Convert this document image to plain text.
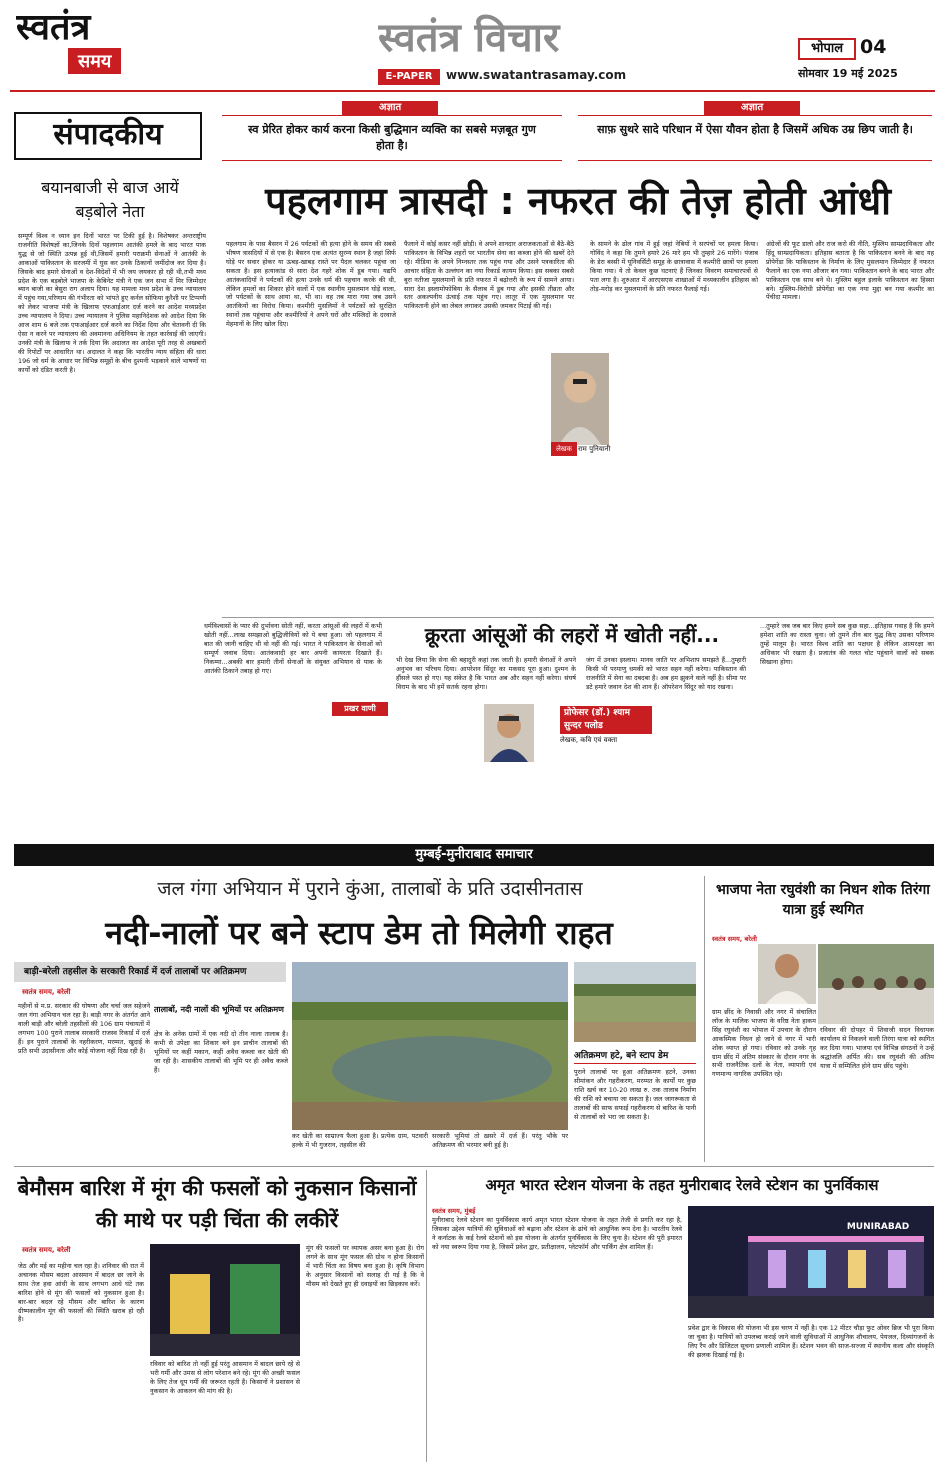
स्वतंत्र
समय
स्वतंत्र विचार
E-PAPER	www.swatantrasamay.com
भोपाल 04
सोमवार 19 मई 2025
संपादकीय
बयानबाजी से बाज आयें बड़बोले नेता
सम्पूर्ण विश्व न ध्यान इन दिनों भारत पर टिकी हुई है। विशेषकर अन्तराष्ट्रीय राजनीति विशेषज्ञों का,जिनके दिनों पहलगाम आतंकी हमले के बाद भारत पाक युद्ध से जो स्थिति उत्पन्न हुई थी,जिसमें हमारी पराक्रमी सेनाओं ने आतंकी के आकाओं पाकिस्तान के सरजमीं में घुस कर उनके ठिकानों जमींदोज कर दिया है।जिसके बाद हमारे सेनाओं व देश-विदेशों में भी जय जयकार हो रही थी,तभी मध्य प्रदेश के एक बड़बोले भाजपा के केबिनेट मंत्री ने एक जन सभा में मिर जिम्मेदार ब्यान बाजी का बेसुरा राग अलाप दिया। यह मामला मध्य प्रदेश के उच्च न्यायालय में पहुंच गया,परिणाम की गंभीरता को भांपते हुए कर्नल सोफिया कुरैशी पर टिप्पणी को लेकर भाजपा मंत्री के खिलाफ एफआईआर दर्ज करने का आदेश मध्यप्रदेश उच्च न्यायालय ने दिया। उच्च न्यायालय ने पुलिस महानिदेशक को आदेश दिया कि आज शाम 6 बजे तक एफआईआर दर्ज करने का निर्देश दिया और चेतावनी दी कि ऐसा न करने पर न्यायालय की अवमानना अधिनियम के तहत कार्रवाई की जाएगी।उनकी मंत्री के खिलाफ ने तर्क दिया कि अदालत का आदेश पूरी तरह से अखबारों की रिपोर्टों पर आधारित था। अदालत ने कहा कि भारतीय न्याय संहिता की धारा 196 जो धर्म के आधार पर विभिन्न समूहों के बीच दुश्मनी भड़काने वाले भाषणों या कार्यों को दंडित करती है।
अज्ञात
स्व प्रेरित होकर कार्य करना किसी बुद्धिमान व्यक्ति का सबसे मज़बूत गुण होता है।
अज्ञात
साफ़ सुथरे सादे परिधान में ऐसा यौवन होता है जिसमें अधिक उम्र छिप जाती है।
पहलगाम त्रासदी : नफरत की तेज़ होती आंधी
पहलगाम के पास बैसरन में 26 पर्यटकों की हत्या होने के समय की सबसे भीषण त्रासदियों में से एक है। बैसरन एक अत्यंत सुरम्य स्थान है जहां सिर्फ घोड़े पर सवार होकर या ऊबड़-खाबड़ रास्ते पर पैदल चलकर पहुंचा जा सकता है। इस हत्याकांड से सारा देश गहरे शोक में डूब गया। यद्यपि आतंकवादियों ने पर्यटकों की हत्या उनके धर्म की पहचान करके की थी, लेकिन हमलों का शिकार होने वालों में एक स्थानीय मुसलमान घोड़े वाला, जो पर्यटकों के साथ आया था, भी था। वह तब मारा गया जब उसने आतंकियों का विरोध किया। कश्मीरी मुसलिमों ने पर्यटकों को सुरक्षित स्थानों तक पहुंचाया और कश्मीरियों ने अपने घरों और मस्जिदों के दरवाजे मेहमानों के लिए खोल दिए।
फैलाने में कोई कसर नहीं छोड़ी। वे अपने शानदार अराजकताओं से बैठे-बैठे पाकिस्तान के विभिन्न शहरों पर भारतीय सेना का कब्जा होने की खबरें देते रहे। मीडिया के अपने निम्नस्तर तक पहुंच गया और उसने पत्रकारिता की आचार संहिता के उल्लंघन का नया रिकार्ड कायम किया। इस सबका सबसे बुरा नतीजा मुसलमानों के प्रति नफरत में बढ़ोत्तरी के रूप में सामने आया। सारा देश इस्लामोफोबिया के सैलाब में डूब गया और इसकी तीव्रता और स्तर अकल्पनीय ऊंचाई तक पहुंच गए। लातूर में एक मुसलमान पर पाकिस्तानी होने का लेबल लगाकर उसकी जमकर पिटाई की गई।
लेखक राम पुनियानी
के सामने के ढोल गांव में हुई जहां नेबियों ने सरपंचों पर हमला किया। गोविंद ने कहा कि तुमने हमारे 26 मारे हम भी तुम्हारे 26 मारेंगे। पंजाब के डेरा बस्सी में यूनिवर्सिटी समूह के छात्रावास में कश्मीरी छात्रों पर हमला किया गया। ये तो केवल कुछ घटनाएं हैं जिनका विवरण समाचारपत्रों से पता लगा है। शुरुआत में आरएसएस शाखाओं में मध्यकालीन इतिहास को तोड़-मरोड़ कर मुसलमानों के प्रति नफरत फैलाई गई।
अंग्रेजों की फूट डालो और राज करो की नीति, मुस्लिम साम्प्रदायिकता और हिंदू साम्प्रदायिकता। इतिहास बताता है कि पाकिस्तान बनने के बाद यह प्रोपेगेंडा कि पाकिस्तान के निर्माण के लिए मुसलमान जिम्मेदार हैं नफरत फैलाने का एक नया औजार बन गया। पाकिस्तान बनने के बाद भारत और पाकिस्तान एक साथ बने थे। मुस्लिम बहुल इलाके पाकिस्तान का हिस्सा बने। मुस्लिम-विरोधी प्रोपेगेंडा का एक नया मुद्दा बन गया कश्मीर का पेंचीदा मामला।
धर्मविश्वासों के प्यार की दुर्भावना सोती नहीं, करता आंसूओं की लहरों में कभी खोती नहीं...लाख समझाओ बुद्धिजीवियों को ये बचा हुआ। जो पहलगाम में बात की जानी चाहिए थी वो नहीं की गई। भारत ने पाकिस्तान के सेनाओं को सम्पूर्ण जवाब दिया। आतंकवादी हर बार अपनी कायरता दिखाते हैं। निकम्मा...अबकी बार हमारी तीनों सेनाओं के संयुक्त अभियान से पाक के आतंकी ठिकाने तबाह हो गए।
क्रूरता आंसूओं की लहरों में खोती नहीं...
प्रखर वाणी
भी देख लिया कि सेना की बहादुरी कहां तक जाती है। हमारी सेनाओं ने अपने अनुभव का परिचय दिया। आपरेशन सिंदूर का मकसद पूरा हुआ। दुश्मन के हौंसले पस्त हो गए। यह संकेत है कि भारत अब और सहन नहीं करेगा। संघर्ष विराम के बाद भी हमें सतर्क रहना होगा।
प्रोफेसर (डॉ.) श्याम सुन्दर पलोड
लेखक, कवि एवं वक्ता
जंग में उनका इस्लाम। मानव जाति पर अभिशाप समझते हैं...तुम्हारी किसी भी परमाणु धमकी को भारत सहन नहीं करेगा। पाकिस्तान की राजनीति में सेना का दबदबा है। अब हम झुकने वाले नहीं है। सीमा पर डटे हमारे जवान देश की शान हैं। ऑपरेशन सिंदूर को याद रखना।
...तुम्हारे जब जब बार किए हमने सब कुछ सहा...इतिहास गवाह है कि हमने हमेशा शांति का रास्ता चुना। जो तुमने तीन बार युद्ध किए उसका परिणाम तुम्हें मालूम है। भारत विश्व शांति का पक्षधर है लेकिन आत्मरक्षा का अधिकार भी रखता है। प्रजातंत्र की गलत चोट पहुंचाने वालों को सबक सिखाना होगा।
मुम्बई-मुनीराबाद समाचार
जल गंगा अभियान में पुराने कुंआ, तालाबों के प्रति उदासीनतास
नदी-नालों पर बने स्टाप डेम तो मिलेगी राहत
बाड़ी-बरेली तहसील के सरकारी रिकार्ड में दर्ज तालाबों पर अतिक्रमण
अतिक्रमण हटे, बने स्टाप डेम
स्वतंत्र समय, बरेली
महीनों से म.प्र. सरकार की घोषणा और चर्चा जल सहेजने जल गंगा अभियान चल रहा है। बाड़ी नगर के अंतर्गत आने वाली बाड़ी और बरेली तहसीलों की 106 ग्राम पंचायतों में लगभग 100 पुराने तालाब सरकारी राजस्व रिकार्ड में दर्ज हैं। इन पुराने तालाबों के नहरीकरण, मरम्मत, खुदाई के प्रति सभी उदासीनता और कोई योजना नहीं दिख रही है।
तालाबों, नदी नालों की भूमियों पर अतिक्रमण
क्षेत्र के अनेक ग्रामों में एक नदी दो तीन नाला तालाब है। कभी से उपेक्षा का शिकार बने इन प्राचीन तालाबों की भूमियों पर कहीं मकान, कहीं अवैध कब्जा कर खेती की जा रही है। शासकीय तालाबों की भूमि पर ही अवैध कब्जे हैं।
कर खेती का साम्राज्य फैला हुआ है। प्रत्येक ग्राम, पटवारी हल्के में भी गुजरान, तहसील की
सरकारी भूमियां तो ख़सरे में दर्ज हैं। परंतु भौके पर अतिक्रमण की भरमार बनी हुई है।
पुराने तालाबों पर हुआ अतिक्रमण हटने, उनका सीमांकन और गहरीकरण, मरम्मत के कार्यों पर कुछ राशि खर्च कर 10-20 लाख रु. तक तालाब निर्माण की राशि को बचाया जा सकता है। जल जागरूकता से तालाबों की साफ सफाई गहरीकरण से बारिश के पानी से तालाबों को भरा जा सकता है।
भाजपा नेता रघुवंशी का निधन शोक तिरंगा यात्रा हुई स्थगित
स्वतंत्र समय, बरेली
ग्राम छींद के निवासी और नगर में संचालित लॉज के मालिक भाजपा के वरिष्ठ नेता हाकम सिंह रघुवंशी का भोपाल में उपचार के दौरान आकस्मिक निधन हो जाने से नगर में भारी शोक व्याप्त हो गया। रविवार को उनके गृह ग्राम छींद में अंतिम संस्कार के दौरान नगर के सभी राजनैतिक दलों के नेता, व्यापारी एवं गणमान्य नागरिक उपस्थित रहे।
रविवार की दोपहर में शिवाजी सदन विधायक कार्यालय से निकलने वाली तिरंगा यात्रा को स्थगित कर दिया गया। भाजपा एवं विभिन्न संगठनों ने उन्हें श्रद्धांजलि अर्पित की। सब रघुवंशी की अंतिम यात्रा में सम्मिलित होने ग्राम छींद पहुंचे।
बेमौसम बारिश में मूंग की फसलों को नुकसान किसानों की माथे पर पड़ी चिंता की लकीरें
स्वतंत्र समय, बरेली
जेठ और मई का महीना चल रहा है। शनिवार की रात में अचानक मौसम बदला आसमान में बादल छा जाने के साथ तेज हवा आंधी के साथ लगभग आधे घंटे तक बारिश होने से मूंग की फसलों को नुकसान हुआ है। बार-बार बदल रहे मौसम और बारिश के कारण ग्रीष्मकालीन मूंग की फसलों की स्थिति खराब हो रही है।
मूंग की फसलों पर व्यापक असर बना हुआ है। रोग लगने के साथ मूंग फसल की ग्रोथ न होना किसानों में भारी चिंता का विषय बना हुआ है। कृषि विभाग के अनुसार किसानों को सलाह दी गई है कि वे मौसम को देखते हुए ही दवाइयों का छिड़काव करें।
रविवार को बारिश तो नहीं हुई परंतु आसमान में बादल छाये रहे से भरी गर्मी और उमस से लोग परेशान बने रहे। मूंग की अच्छी फसल के लिए तेज धूप गर्मी की जरूरत रहती है। किसानों ने प्रशासन से नुकसान के आकलन की मांग की है।
अमृत भारत स्टेशन योजना के तहत मुनीराबाद रेलवे स्टेशन का पुनर्विकास
स्वतंत्र समय, मुंबई
मुनीराबाद रेलवे स्टेशन का पुनर्विकास कार्य अमृत भारत स्टेशन योजना के तहत तेजी से प्रगति कर रहा है, जिसका उद्देश्य यात्रियों की सुविधाओं को बढ़ाना और स्टेशन के ढांचे को आधुनिक रूप देना है। भारतीय रेलवे ने कर्नाटक के कई रेलवे स्टेशनों को इस योजना के अंतर्गत पुनर्विकास के लिए चुना है। स्टेशन की पूरी इमारत को नया स्वरूप दिया गया है, जिसमें प्रवेश द्वार, प्रतीक्षालय, प्लेटफॉर्म और पार्किंग क्षेत्र शामिल हैं।
MUNIRABAD
प्रवेश द्वार के विकास की योजना भी इस चरण में नहीं है। एक 12 मीटर चौड़ा फुट ओवर ब्रिज भी पूरा किया जा चुका है। यात्रियों को उपलब्ध कराई जाने वाली सुविधाओं में आधुनिक शौचालय, पेयजल, दिव्यांगजनों के लिए रैंप और डिजिटल सूचना प्रणाली शामिल हैं। स्टेशन भवन की साज-सज्जा में स्थानीय कला और संस्कृति की झलक दिखाई गई है।
